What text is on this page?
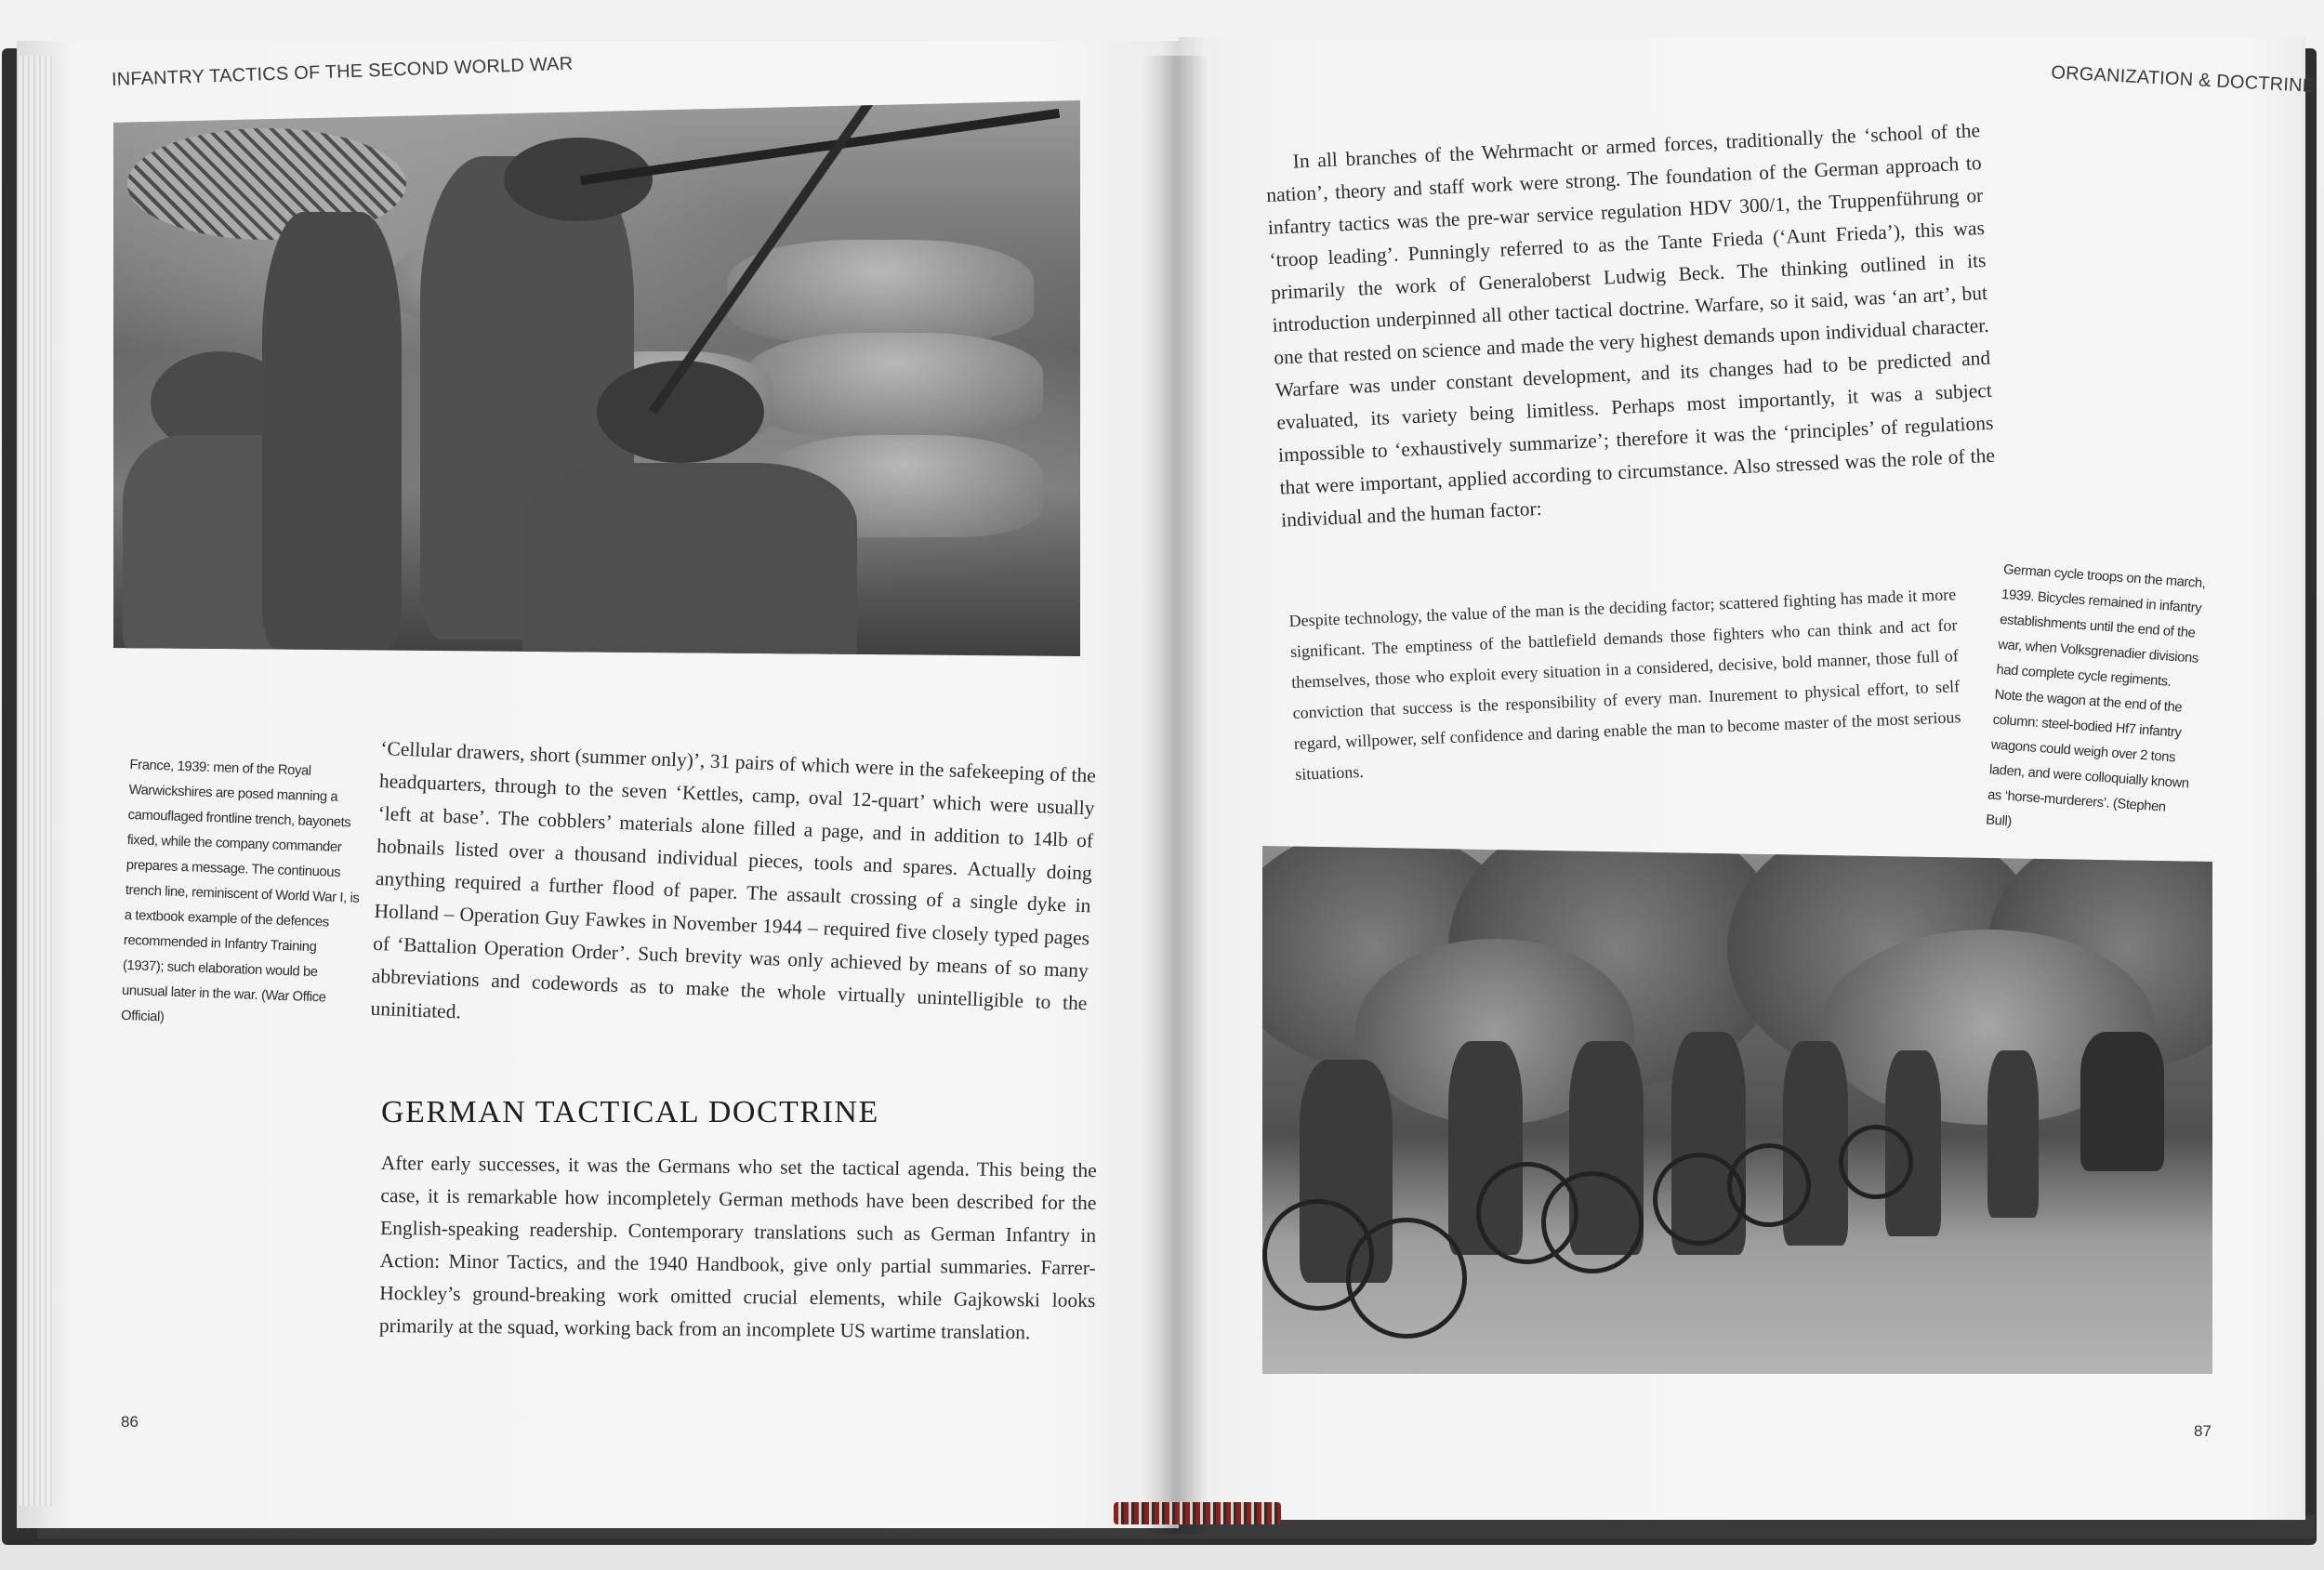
INFANTRY TACTICS OF THE SECOND WORLD WAR
France, 1939: men of the Royal Warwickshires are posed manning a camouflaged frontline trench, bayonets fixed, while the company commander prepares a message. The continuous trench line, reminiscent of World War I, is a textbook example of the defences recommended in Infantry Training (1937); such elaboration would be unusual later in the war. (War Office Official)
‘Cellular drawers, short (summer only)’, 31 pairs of which were in the safekeeping of the headquarters, through to the seven ‘Kettles, camp, oval 12-quart’ which were usually ‘left at base’. The cobblers’ materials alone filled a page, and in addition to 14lb of hobnails listed over a thousand individual pieces, tools and spares. Actually doing anything required a further flood of paper. The assault crossing of a single dyke in Holland – Operation Guy Fawkes in November 1944 – required five closely typed pages of ‘Battalion Operation Order’. Such brevity was only achieved by means of so many abbreviations and codewords as to make the whole virtually unintelligible to the uninitiated.
GERMAN TACTICAL DOCTRINE
After early successes, it was the Germans who set the tactical agenda. This being the case, it is remarkable how incompletely German methods have been described for the English-speaking readership. Contemporary translations such as German Infantry in Action: Minor Tactics, and the 1940 Handbook, give only partial summaries. Farrer-Hockley’s ground-breaking work omitted crucial elements, while Gajkowski looks primarily at the squad, working back from an incomplete US wartime translation.
86
ORGANIZATION & DOCTRINE
In all branches of the Wehrmacht or armed forces, traditionally the ‘school of the nation’, theory and staff work were strong. The foundation of the German approach to infantry tactics was the pre-war service regulation HDV 300/1, the Truppenführung or ‘troop leading’. Punningly referred to as the Tante Frieda (‘Aunt Frieda’), this was primarily the work of Generaloberst Ludwig Beck. The thinking outlined in its introduction underpinned all other tactical doctrine. Warfare, so it said, was ‘an art’, but one that rested on science and made the very highest demands upon individual character. Warfare was under constant development, and its changes had to be predicted and evaluated, its variety being limitless. Perhaps most importantly, it was a subject impossible to ‘exhaustively summarize’; therefore it was the ‘principles’ of regulations that were important, applied according to circumstance. Also stressed was the role of the individual and the human factor:
Despite technology, the value of the man is the deciding factor; scattered fighting has made it more significant. The emptiness of the battlefield demands those fighters who can think and act for themselves, those who exploit every situation in a considered, decisive, bold manner, those full of conviction that success is the responsibility of every man. Inurement to physical effort, to self regard, willpower, self confidence and daring enable the man to become master of the most serious situations.
German cycle troops on the march, 1939. Bicycles remained in infantry establishments until the end of the war, when Volksgrenadier divisions had complete cycle regiments. Note the wagon at the end of the column: steel-bodied Hf7 infantry wagons could weigh over 2 tons laden, and were colloquially known as ‘horse-murderers’. (Stephen Bull)
87
